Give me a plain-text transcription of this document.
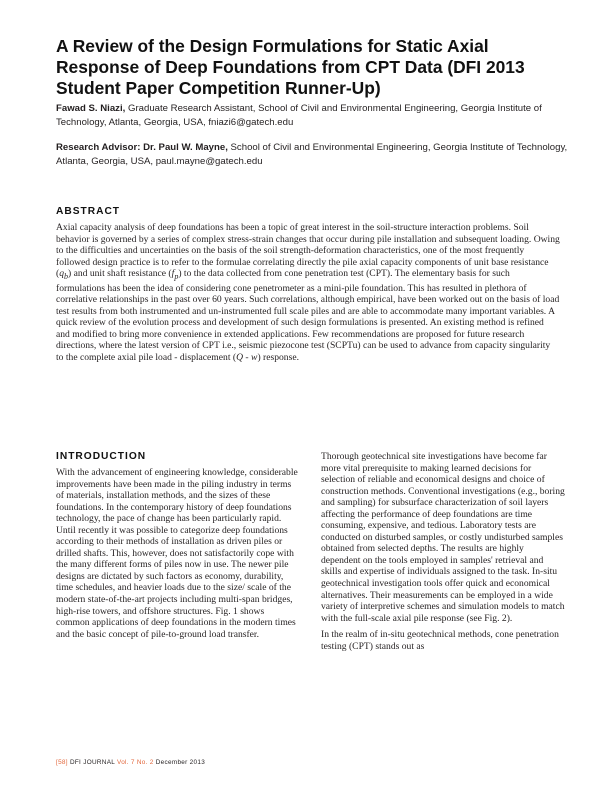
A Review of the Design Formulations for Static Axial Response of Deep Foundations from CPT Data (DFI 2013 Student Paper Competition Runner-Up)
Fawad S. Niazi, Graduate Research Assistant, School of Civil and Environmental Engineering, Georgia Institute of Technology, Atlanta, Georgia, USA, fniazi6@gatech.edu
Research Advisor: Dr. Paul W. Mayne, School of Civil and Environmental Engineering, Georgia Institute of Technology, Atlanta, Georgia, USA, paul.mayne@gatech.edu
ABSTRACT

Axial capacity analysis of deep foundations has been a topic of great interest in the soil-structure interaction problems. Soil behavior is governed by a series of complex stress-strain changes that occur during pile installation and subsequent loading. Owing to the difficulties and uncertainties on the basis of the soil strength-deformation characteristics, one of the most frequently followed design practice is to refer to the formulae correlating directly the pile axial capacity components of unit base resistance $(q_b)$ and unit shaft resistance $(f_p)$ to the data collected from cone penetration test (CPT). The elementary basis for such formulations has been the idea of considering cone penetrometer as a mini-pile foundation. This has resulted in plethora of correlative relationships in the past over 60 years. Such correlations, although empirical, have been worked out on the basis of load test results from both instrumented and un-instrumented full scale piles and are able to accommodate many important variables. A quick review of the evolution process and development of such design formulations is presented. An existing method is refined and modified to bring more convenience in extended applications. Few recommendations are proposed for future research directions, where the latest version of CPT i.e., seismic piezocone test (SCPTu) can be used to advance from capacity singularity to the complete axial pile load - displacement (Q - w) response.

INTRODUCTION

With the advancement of engineering knowledge, considerable improvements have been made in the piling industry in terms of materials, installation methods, and the sizes of these foundations. In the contemporary history of deep foundations technology, the pace of change has been particularly rapid. Until recently it was possible to categorize deep foundations according to their methods of installation as driven piles or drilled shafts. This, however, does not satisfactorily cope with the many different forms of piles now in use. The newer pile designs are dictated by such factors as economy, durability, time schedules, and heavier loads due to the size/ scale of the modern state-of-the-art projects including multi-span bridges, high-rise towers, and offshore structures. Fig. 1 shows common applications of deep foundations in the modern times and the basic concept of pile-to-ground load transfer.

Thorough geotechnical site investigations have become far more vital prerequisite to making learned decisions for selection of reliable and economical designs and choice of construction methods. Conventional investigations (e.g., boring and sampling) for subsurface characterization of soil layers affecting the performance of deep foundations are time consuming, expensive, and tedious. Laboratory tests are conducted on disturbed samples, or costly undisturbed samples obtained from selected depths. The results are highly dependent on the tools employed in samples' retrieval and skills and expertise of individuals assigned to the task. In-situ geotechnical investigation tools offer quick and economical alternatives. Their measurements can be employed in a wide variety of interpretive schemes and simulation models to match with the full-scale axial pile response (see Fig. 2).

In the realm of in-situ geotechnical methods, cone penetration testing (CPT) stands out as

[58] DFI JOURNAL Vol. 7 No. 2 December 2013
